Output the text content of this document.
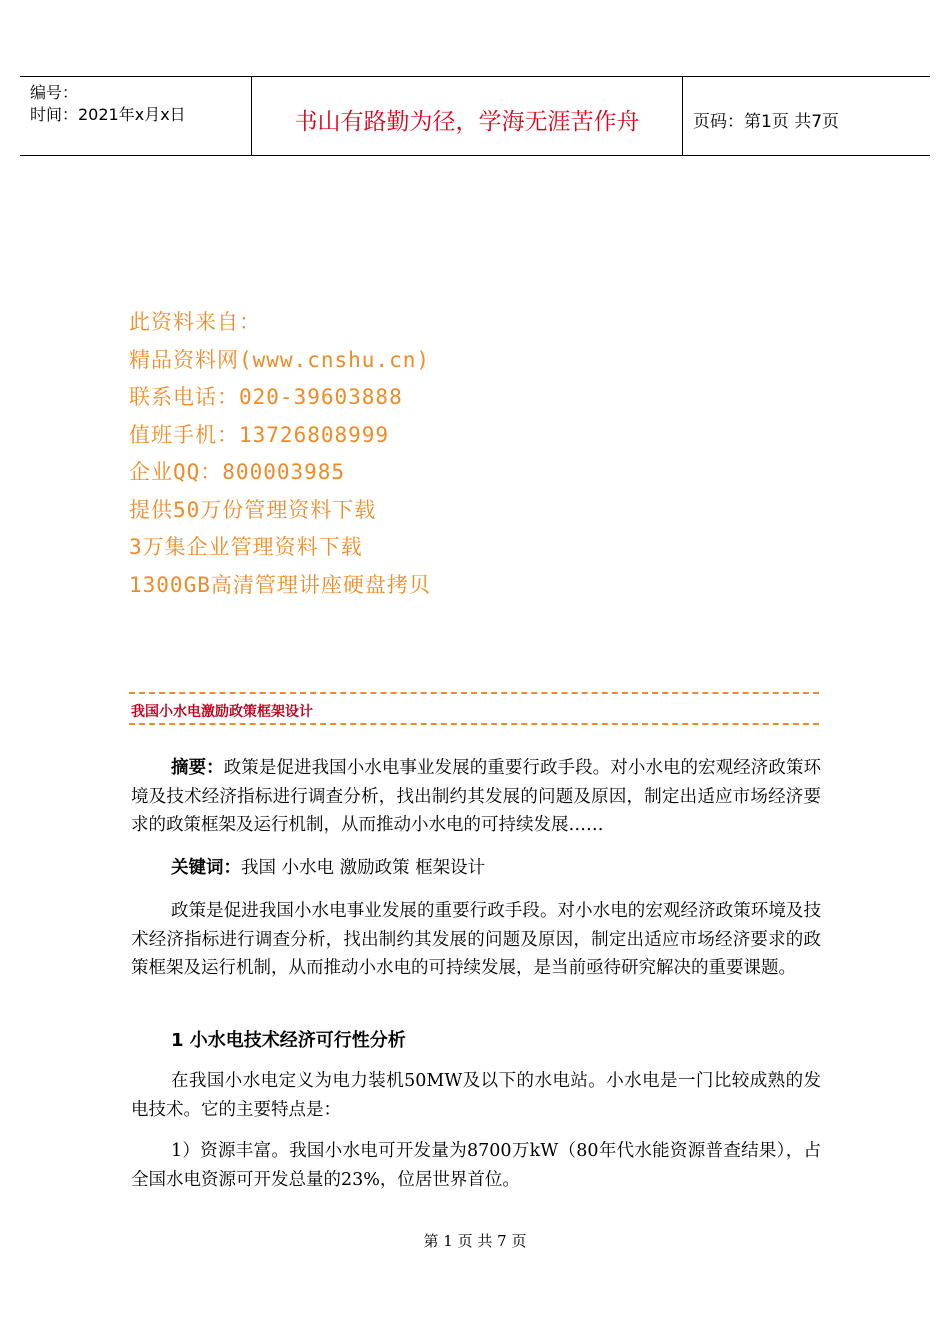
编号：
时间：2021年x月x日	书山有路勤为径，学海无涯苦作舟	页码：第1页 共7页
此资料来自：
精品资料网(www.cnshu.cn)
联系电话：020-39603888
值班手机：13726808999
企业QQ：800003985
提供50万份管理资料下载
3万集企业管理资料下载
1300GB高清管理讲座硬盘拷贝
我国小水电激励政策框架设计
摘要：政策是促进我国小水电事业发展的重要行政手段。对小水电的宏观经济政策环境及技术经济指标进行调查分析，找出制约其发展的问题及原因，制定出适应市场经济要求的政策框架及运行机制，从而推动小水电的可持续发展……
关键词：我国 小水电 激励政策 框架设计
政策是促进我国小水电事业发展的重要行政手段。对小水电的宏观经济政策环境及技术经济指标进行调查分析，找出制约其发展的问题及原因，制定出适应市场经济要求的政策框架及运行机制，从而推动小水电的可持续发展，是当前亟待研究解决的重要课题。
1 小水电技术经济可行性分析
在我国小水电定义为电力装机50MW及以下的水电站。小水电是一门比较成熟的发电技术。它的主要特点是：
1）资源丰富。我国小水电可开发量为8700万kW（80年代水能资源普查结果），占全国水电资源可开发总量的23%，位居世界首位。
第 1 页 共 7 页
